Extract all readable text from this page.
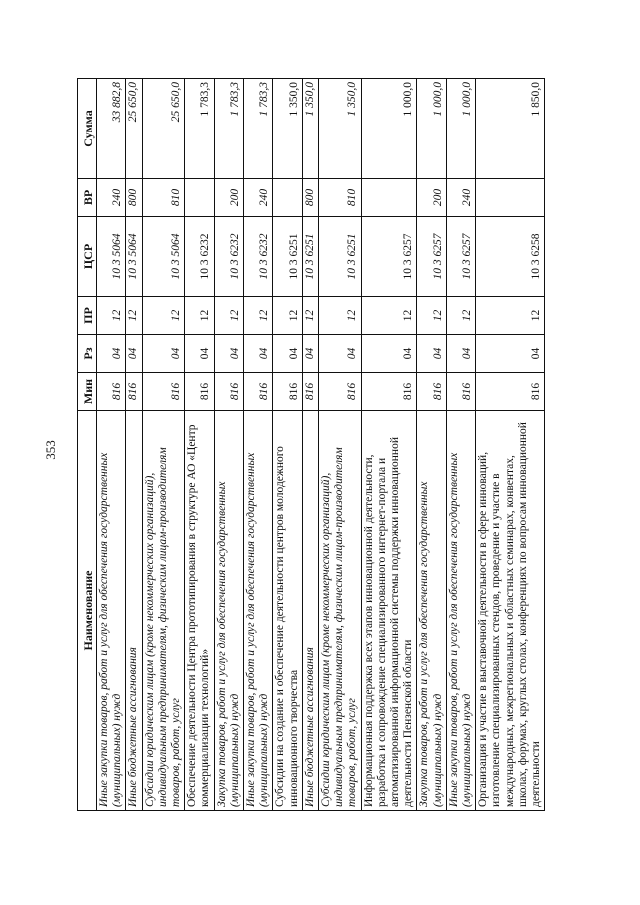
353
Наименование	Мин	Рз	ПР	ЦСР	ВР	Сумма
Иные закупки товаров, работ и услуг для обеспечения государственных (муниципальных) нужд	816	04	12	10 3 5064	240	33 882,8
Иные бюджетные ассигнования	816	04	12	10 3 5064	800	25 650,0
Субсидии юридическим лицам (кроме некоммерческих организаций), индивидуальным предпринимателям, физическим лицам-производителям товаров, работ, услуг	816	04	12	10 3 5064	810	25 650,0
Обеспечение деятельности Центра прототипирования в структуре АО «Центр коммерциализации технологий»	816	04	12	10 3 6232		1 783,3
Закупка товаров, работ и услуг для обеспечения государственных (муниципальных) нужд	816	04	12	10 3 6232	200	1 783,3
Иные закупки товаров, работ и услуг для обеспечения государственных (муниципальных) нужд	816	04	12	10 3 6232	240	1 783,3
Субсидии на создание и обеспечение деятельности центров молодежного инновационного творчества	816	04	12	10 3 6251		1 350,0
Иные бюджетные ассигнования	816	04	12	10 3 6251	800	1 350,0
Субсидии юридическим лицам (кроме некоммерческих организаций), индивидуальным предпринимателям, физическим лицам-производителям товаров, работ, услуг	816	04	12	10 3 6251	810	1 350,0
Информационная поддержка всех этапов инновационной деятельности, разработка и сопровождение специализированного интернет-портала и автоматизированной информационной системы поддержки инновационной деятельности Пензенской области	816	04	12	10 3 6257		1 000,0
Закупка товаров, работ и услуг для обеспечения государственных (муниципальных) нужд	816	04	12	10 3 6257	200	1 000,0
Иные закупки товаров, работ и услуг для обеспечения государственных (муниципальных) нужд	816	04	12	10 3 6257	240	1 000,0
Организация и участие в выставочной деятельности в сфере инноваций, изготовление специализированных стендов, проведение и участие в международных, межрегиональных и областных семинарах, конвентах, школах, форумах, круглых столах, конференциях по вопросам инновационной деятельности	816	04	12	10 3 6258		1 850,0
